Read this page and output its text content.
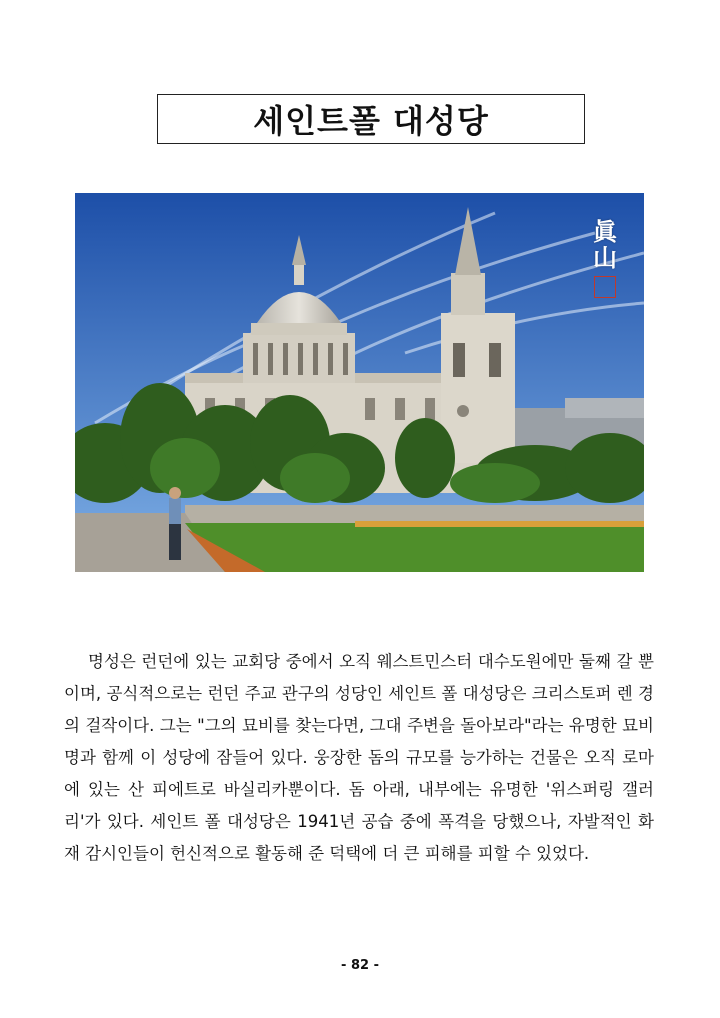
세인트폴 대성당
眞
山

명성은 런던에 있는 교회당 중에서 오직 웨스트민스터 대수도원에만 둘째 갈 뿐이며, 공식적으로는 런던 주교 관구의 성당인 세인트 폴 대성당은 크리스토퍼 렌 경의 걸작이다. 그는 "그의 묘비를 찾는다면, 그대 주변을 돌아보라"라는 유명한 묘비명과 함께 이 성당에 잠들어 있다. 웅장한 돔의 규모를 능가하는 건물은 오직 로마에 있는 산 피에트로 바실리카뿐이다. 돔 아래, 내부에는 유명한 '위스퍼링 갤러리'가 있다. 세인트 폴 대성당은 1941년 공습 중에 폭격을 당했으나, 자발적인 화재 감시인들이 헌신적으로 활동해 준 덕택에 더 큰 피해를 피할 수 있었다.

- 82 -
